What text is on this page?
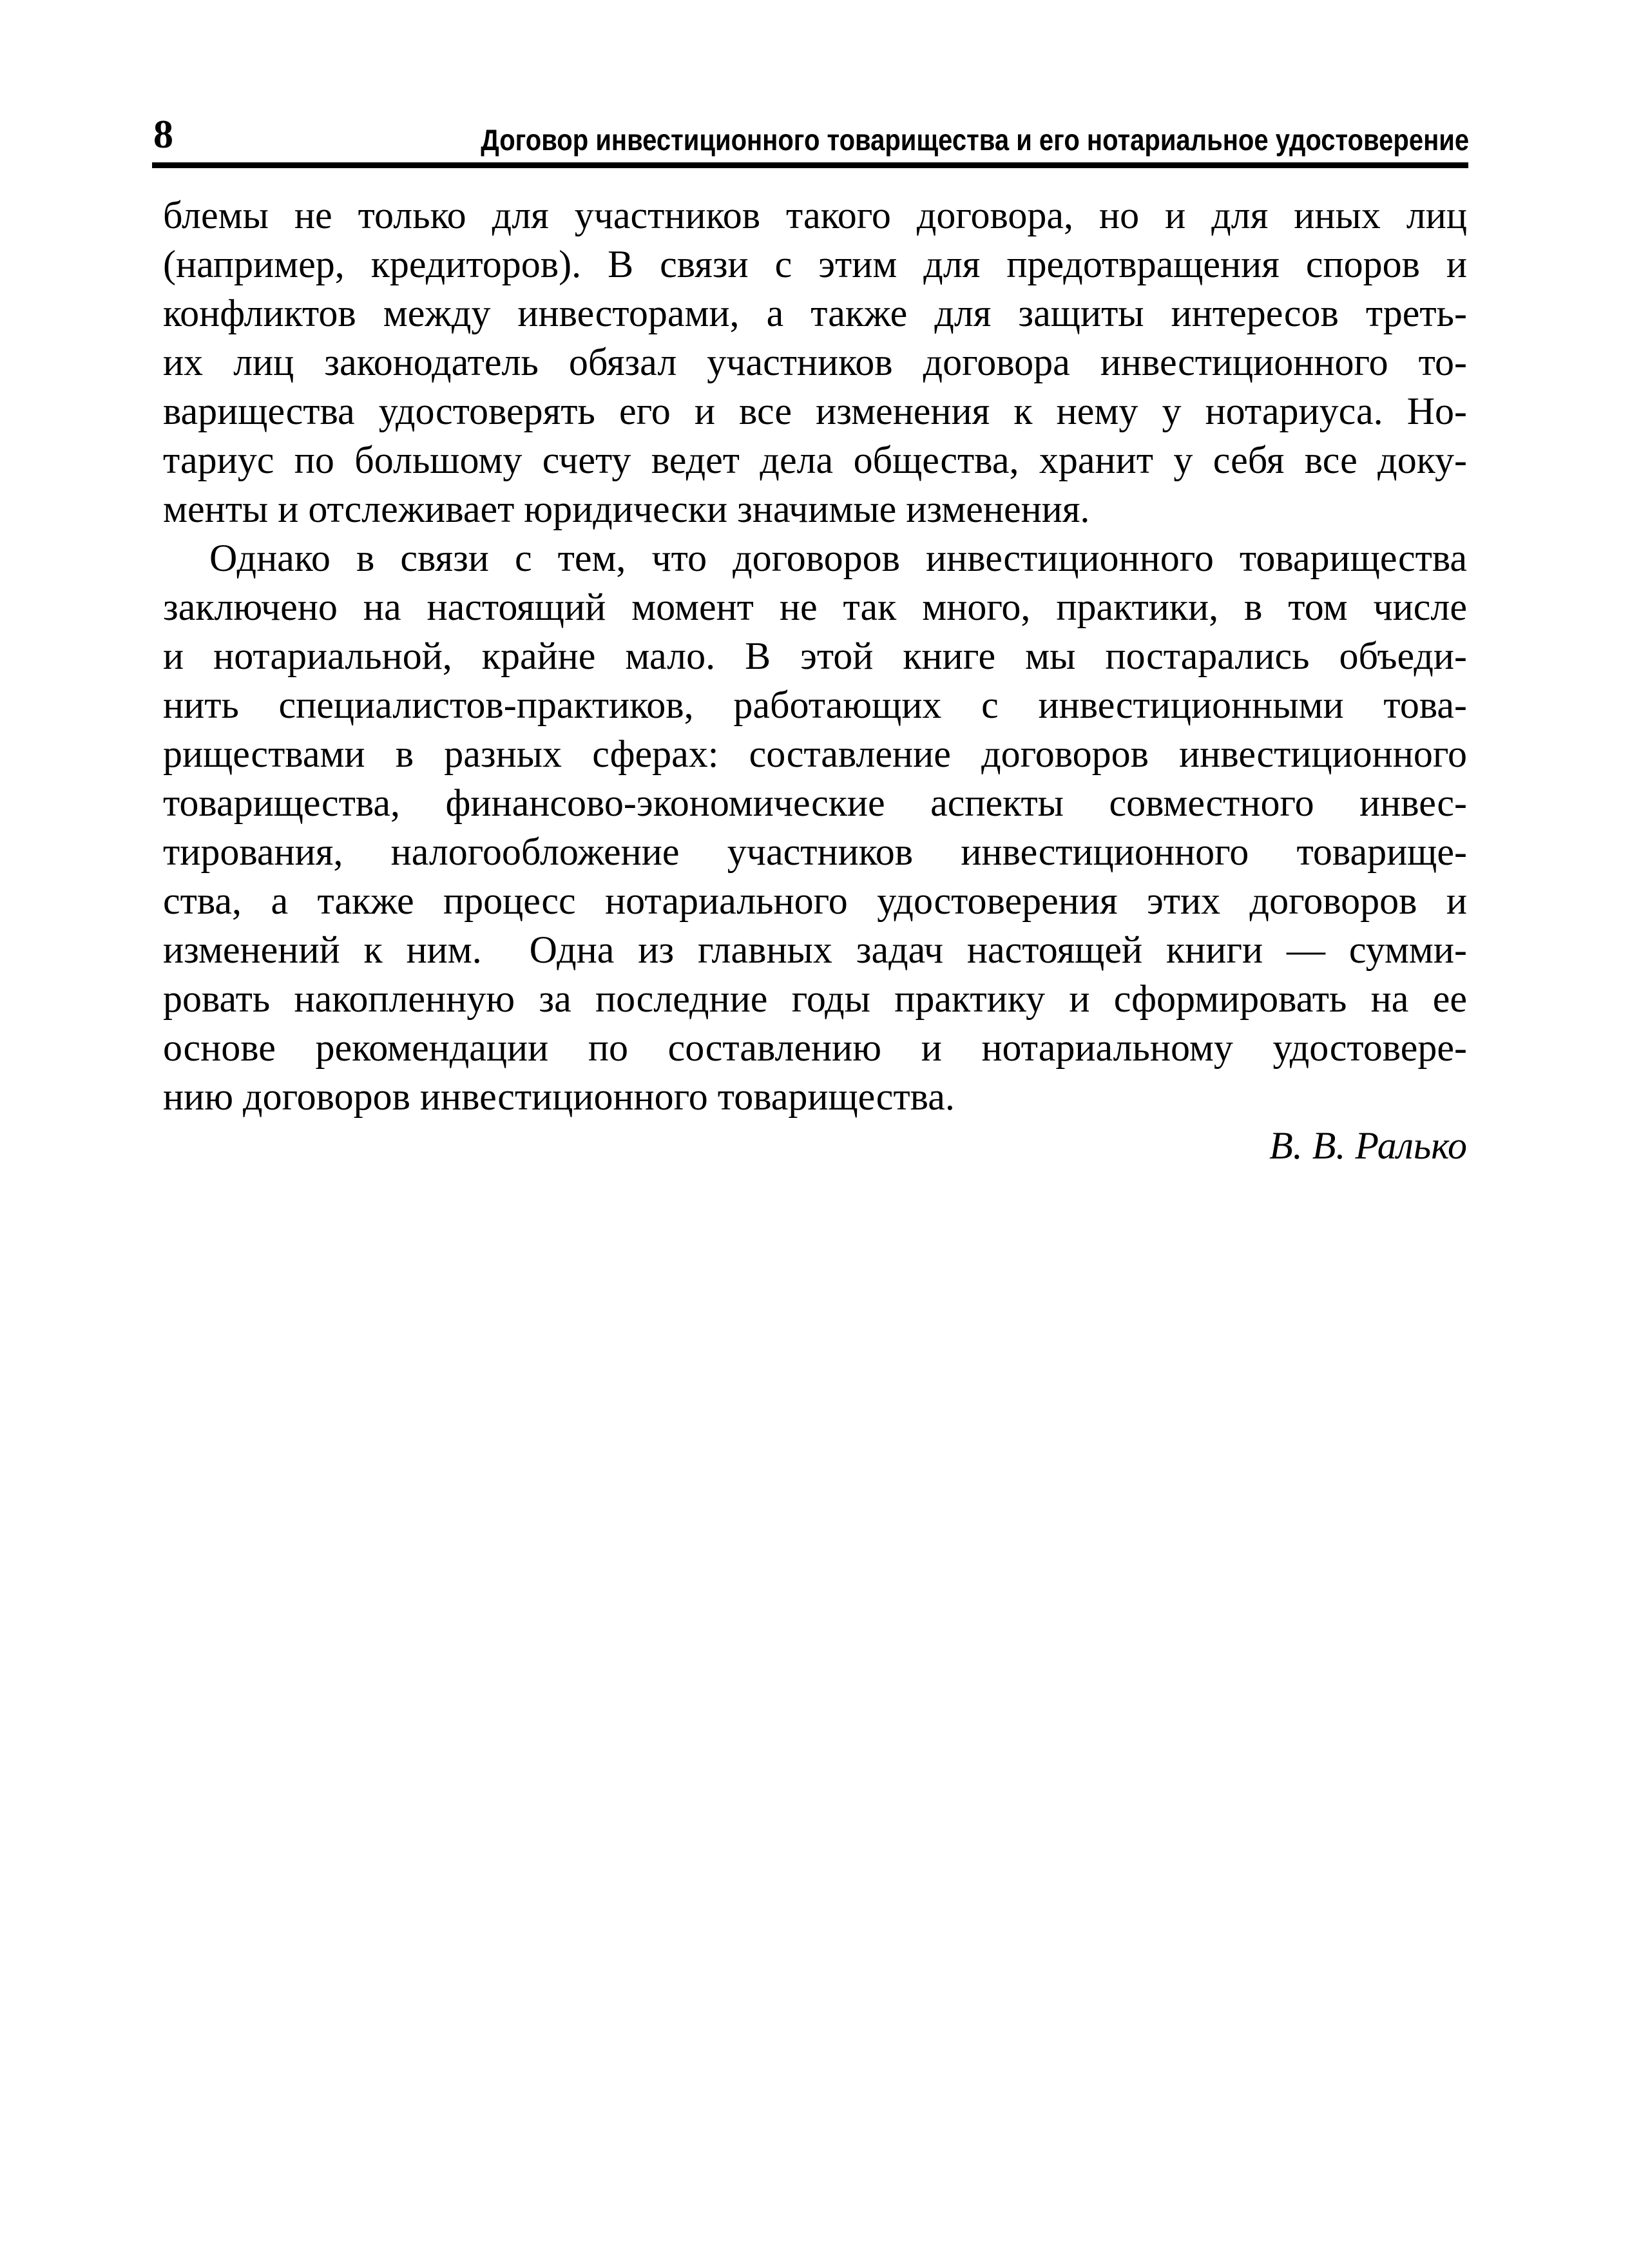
8	Договор инвестиционного товарищества и его нотариальное удостоверение
блемы не только для участников такого договора, но и для иных лиц
(например, кредиторов). В связи с этим для предотвращения споров и
конфликтов между инвесторами, а также для защиты интересов треть-
их лиц законодатель обязал участников договора инвестиционного то-
варищества удостоверять его и все изменения к нему у нотариуса. Но-
тариус по большому счету ведет дела общества, хранит у себя все доку-
менты и отслеживает юридически значимые изменения.
Однако в связи с тем, что договоров инвестиционного товарищества
заключено на настоящий момент не так много, практики, в том числе
и нотариальной, крайне мало. В этой книге мы постарались объеди-
нить специалистов-практиков, работающих с инвестиционными това-
риществами в разных сферах: составление договоров инвестиционного
товарищества, финансово-экономические аспекты совместного инвес-
тирования, налогообложение участников инвестиционного товарище-
ства, а также процесс нотариального удостоверения этих договоров и
изменений к ним.  Одна из главных задач настоящей книги — сумми-
ровать накопленную за последние годы практику и сформировать на ее
основе рекомендации по составлению и нотариальному удостовере-
нию договоров инвестиционного товарищества.
В. В. Ралько
